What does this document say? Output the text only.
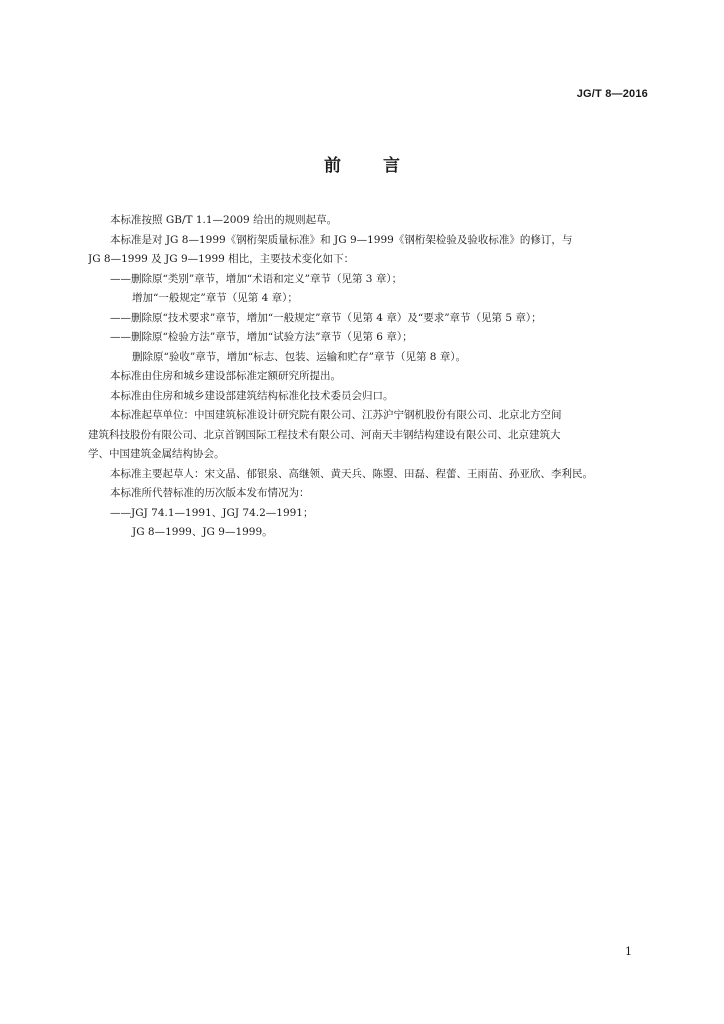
JG/T 8—2016
前言

本标准按照 GB/T 1.1—2009 给出的规则起草。

本标准是对 JG 8—1999《钢桁架质量标准》和 JG 9—1999《钢桁架检验及验收标准》的修订，与

JG 8—1999 及 JG 9—1999 相比，主要技术变化如下：

——删除原“类别”章节，增加“术语和定义”章节（见第 3 章）；

增加“一般规定”章节（见第 4 章）；

——删除原“技术要求”章节，增加“一般规定”章节（见第 4 章）及“要求”章节（见第 5 章）；

——删除原“检验方法”章节，增加“试验方法”章节（见第 6 章）；

删除原“验收”章节，增加“标志、包装、运输和贮存”章节（见第 8 章）。

本标准由住房和城乡建设部标准定额研究所提出。

本标准由住房和城乡建设部建筑结构标准化技术委员会归口。

本标准起草单位：中国建筑标准设计研究院有限公司、江苏沪宁钢机股份有限公司、北京北方空间

建筑科技股份有限公司、北京首钢国际工程技术有限公司、河南天丰钢结构建设有限公司、北京建筑大

学、中国建筑金属结构协会。

本标准主要起草人：宋文晶、郁银泉、高继领、黄天兵、陈曌、田磊、程蕾、王雨苗、孙亚欣、李利民。

本标准所代替标准的历次版本发布情况为：

——JGJ 74.1—1991、JGJ 74.2—1991；

JG 8—1999、JG 9—1999。

1
